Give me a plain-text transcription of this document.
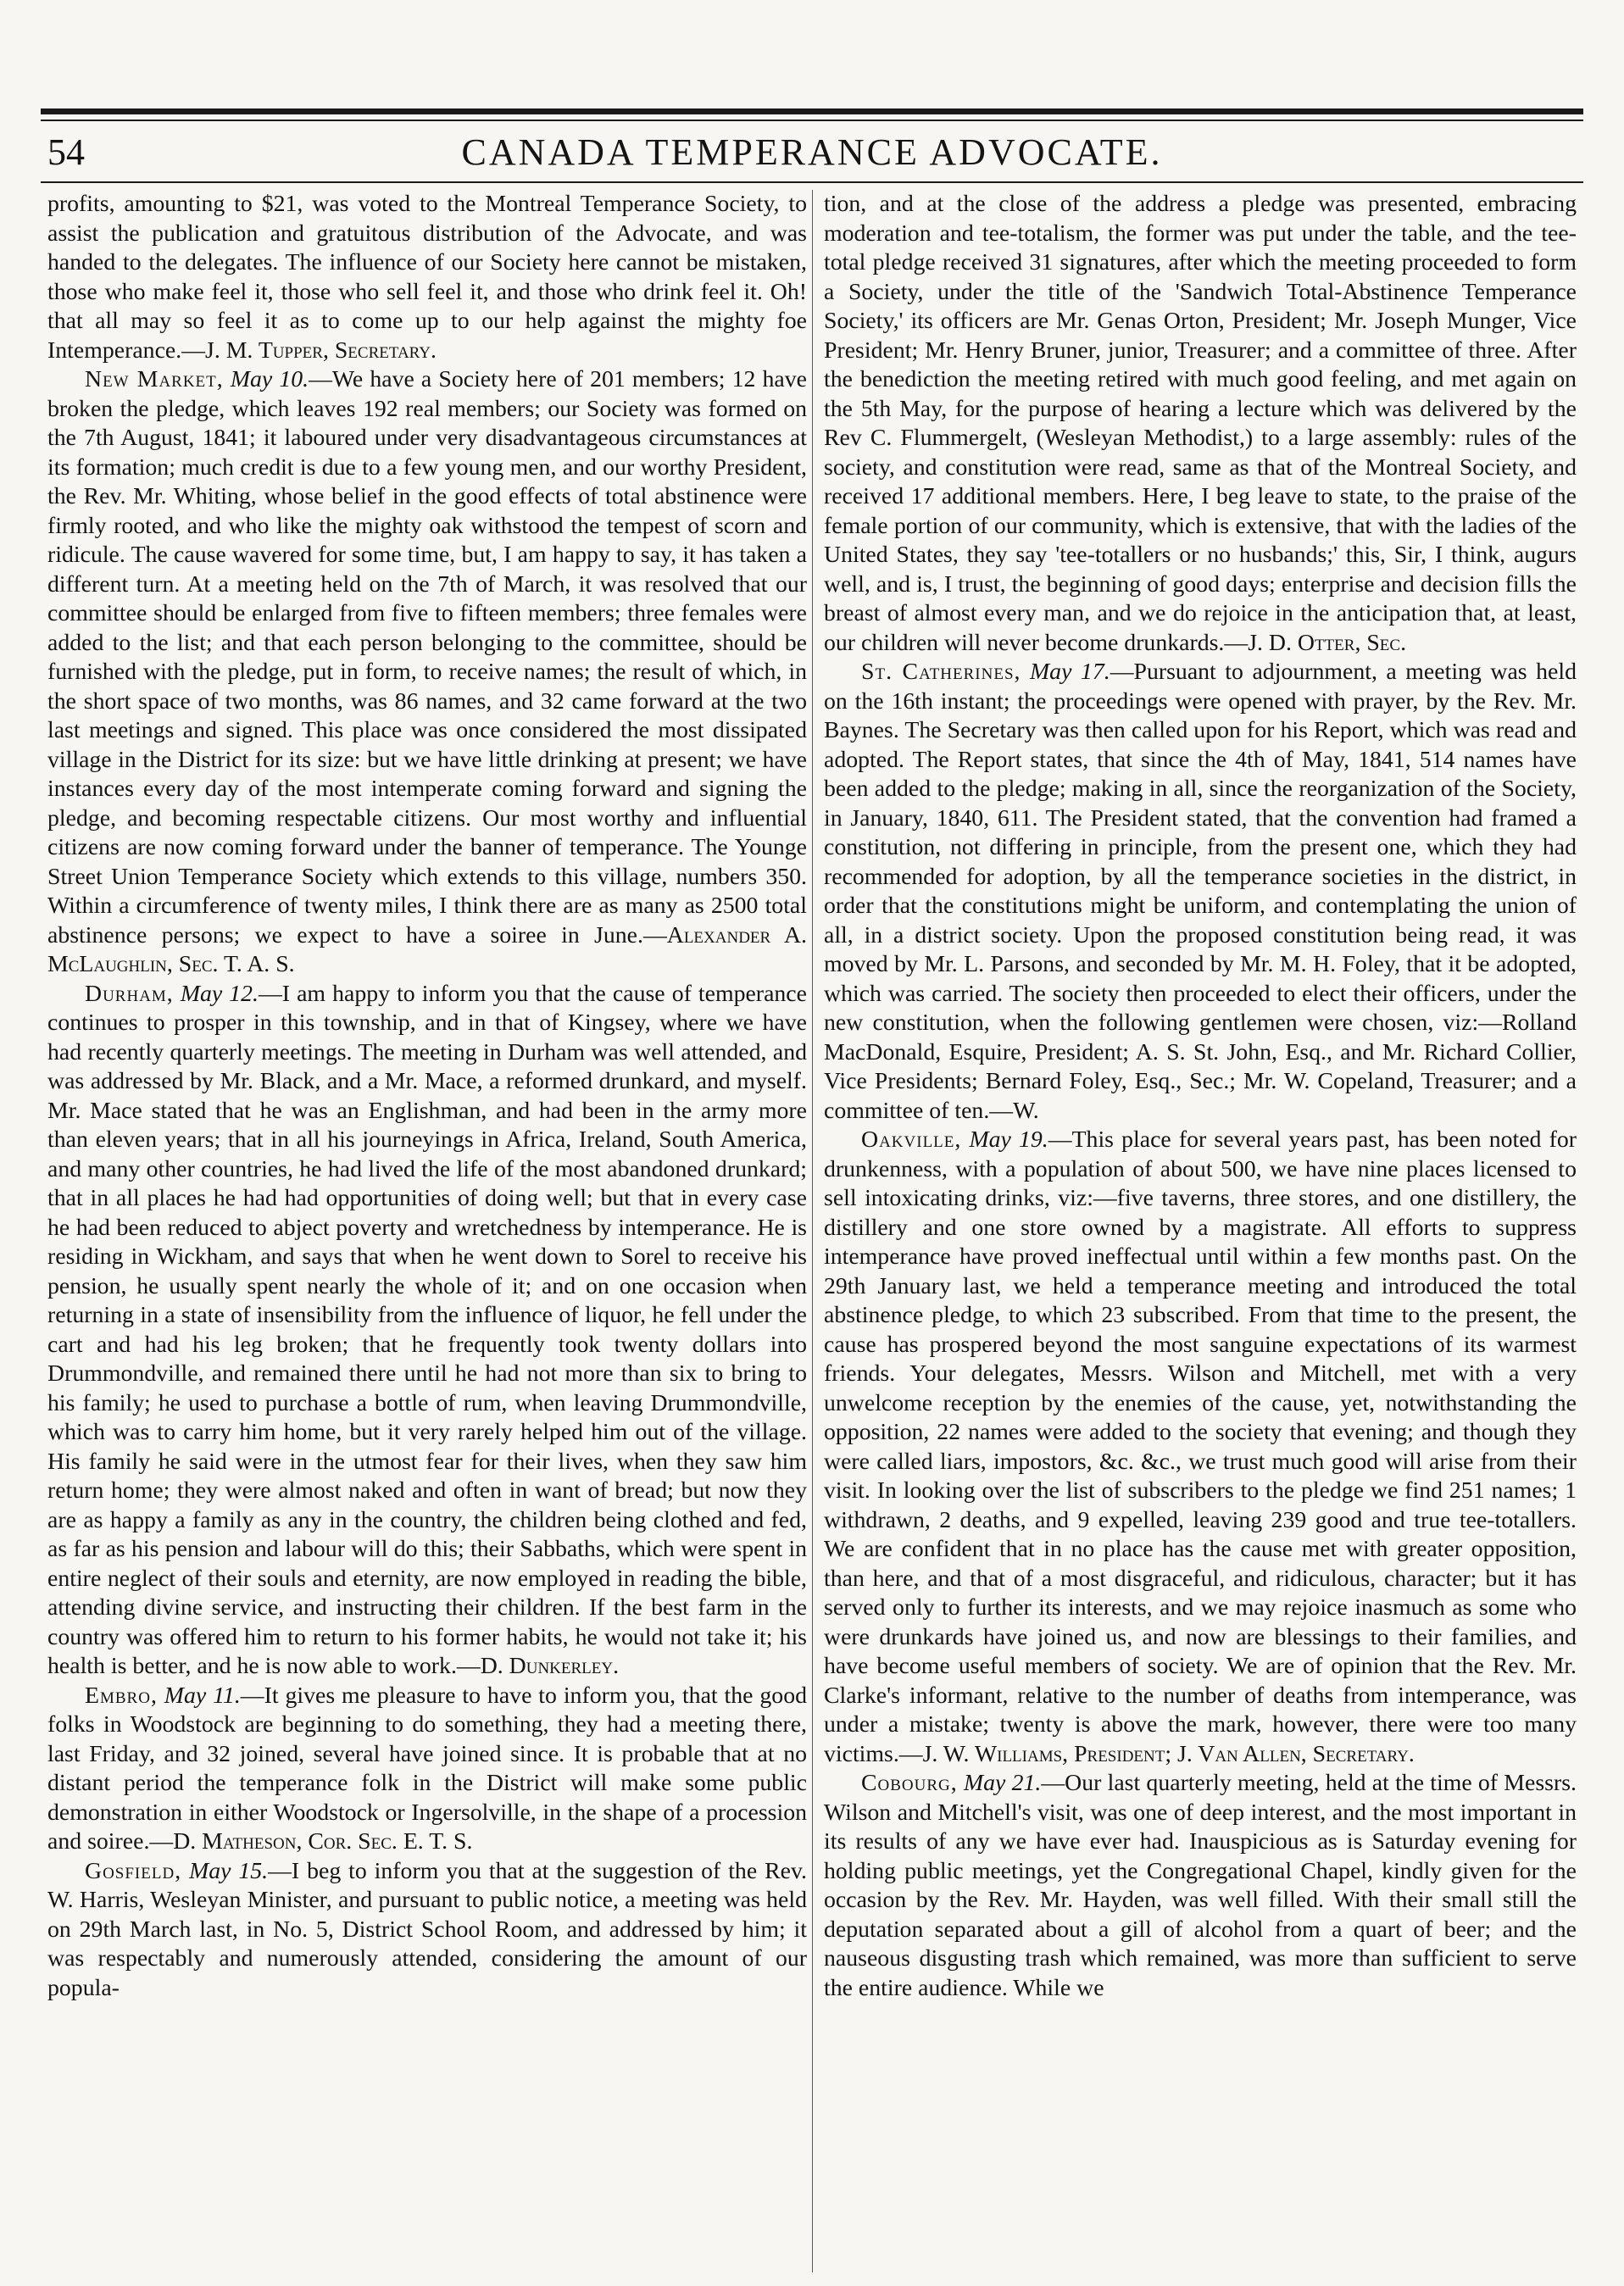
54	CANADA TEMPERANCE ADVOCATE.

profits, amounting to $21, was voted to the Montreal Temperance Society, to assist the publication and gratuitous distribution of the Advocate, and was handed to the delegates. The influence of our Society here cannot be mistaken, those who make feel it, those who sell feel it, and those who drink feel it. Oh! that all may so feel it as to come up to our help against the mighty foe Intemperance.—J. M. Tupper, Secretary.

New Market, May 10.—We have a Society here of 201 members; 12 have broken the pledge, which leaves 192 real members; our Society was formed on the 7th August, 1841; it laboured under very disadvantageous circumstances at its formation; much credit is due to a few young men, and our worthy President, the Rev. Mr. Whiting, whose belief in the good effects of total abstinence were firmly rooted, and who like the mighty oak withstood the tempest of scorn and ridicule. The cause wavered for some time, but, I am happy to say, it has taken a different turn. At a meeting held on the 7th of March, it was resolved that our committee should be enlarged from five to fifteen members; three females were added to the list; and that each person belonging to the committee, should be furnished with the pledge, put in form, to receive names; the result of which, in the short space of two months, was 86 names, and 32 came forward at the two last meetings and signed. This place was once considered the most dissipated village in the District for its size: but we have little drinking at present; we have instances every day of the most intemperate coming forward and signing the pledge, and becoming respectable citizens. Our most worthy and influential citizens are now coming forward under the banner of temperance. The Younge Street Union Temperance Society which extends to this village, numbers 350. Within a circumference of twenty miles, I think there are as many as 2500 total abstinence persons; we expect to have a soiree in June.—Alexander A. McLaughlin, Sec. T. A. S.

Durham, May 12.—I am happy to inform you that the cause of temperance continues to prosper in this township, and in that of Kingsey, where we have had recently quarterly meetings. The meeting in Durham was well attended, and was addressed by Mr. Black, and a Mr. Mace, a reformed drunkard, and myself. Mr. Mace stated that he was an Englishman, and had been in the army more than eleven years; that in all his journeyings in Africa, Ireland, South America, and many other countries, he had lived the life of the most abandoned drunkard; that in all places he had had opportunities of doing well; but that in every case he had been reduced to abject poverty and wretchedness by intemperance. He is residing in Wickham, and says that when he went down to Sorel to receive his pension, he usually spent nearly the whole of it; and on one occasion when returning in a state of insensibility from the influence of liquor, he fell under the cart and had his leg broken; that he frequently took twenty dollars into Drummondville, and remained there until he had not more than six to bring to his family; he used to purchase a bottle of rum, when leaving Drummondville, which was to carry him home, but it very rarely helped him out of the village. His family he said were in the utmost fear for their lives, when they saw him return home; they were almost naked and often in want of bread; but now they are as happy a family as any in the country, the children being clothed and fed, as far as his pension and labour will do this; their Sabbaths, which were spent in entire neglect of their souls and eternity, are now employed in reading the bible, attending divine service, and instructing their children. If the best farm in the country was offered him to return to his former habits, he would not take it; his health is better, and he is now able to work.—D. Dunkerley.

Embro, May 11.—It gives me pleasure to have to inform you, that the good folks in Woodstock are beginning to do something, they had a meeting there, last Friday, and 32 joined, several have joined since. It is probable that at no distant period the temperance folk in the District will make some public demonstration in either Woodstock or Ingersolville, in the shape of a procession and soiree.—D. Matheson, Cor. Sec. E. T. S.

Gosfield, May 15.—I beg to inform you that at the suggestion of the Rev. W. Harris, Wesleyan Minister, and pursuant to public notice, a meeting was held on 29th March last, in No. 5, District School Room, and addressed by him; it was respectably and numerously attended, considering the amount of our popula-

tion, and at the close of the address a pledge was presented, embracing moderation and tee-totalism, the former was put under the table, and the tee-total pledge received 31 signatures, after which the meeting proceeded to form a Society, under the title of the 'Sandwich Total-Abstinence Temperance Society,' its officers are Mr. Genas Orton, President; Mr. Joseph Munger, Vice President; Mr. Henry Bruner, junior, Treasurer; and a committee of three. After the benediction the meeting retired with much good feeling, and met again on the 5th May, for the purpose of hearing a lecture which was delivered by the Rev C. Flummergelt, (Wesleyan Methodist,) to a large assembly: rules of the society, and constitution were read, same as that of the Montreal Society, and received 17 additional members. Here, I beg leave to state, to the praise of the female portion of our community, which is extensive, that with the ladies of the United States, they say 'tee-totallers or no husbands;' this, Sir, I think, augurs well, and is, I trust, the beginning of good days; enterprise and decision fills the breast of almost every man, and we do rejoice in the anticipation that, at least, our children will never become drunkards.—J. D. Otter, Sec.

St. Catherines, May 17.—Pursuant to adjournment, a meeting was held on the 16th instant; the proceedings were opened with prayer, by the Rev. Mr. Baynes. The Secretary was then called upon for his Report, which was read and adopted. The Report states, that since the 4th of May, 1841, 514 names have been added to the pledge; making in all, since the reorganization of the Society, in January, 1840, 611. The President stated, that the convention had framed a constitution, not differing in principle, from the present one, which they had recommended for adoption, by all the temperance societies in the district, in order that the constitutions might be uniform, and contemplating the union of all, in a district society. Upon the proposed constitution being read, it was moved by Mr. L. Parsons, and seconded by Mr. M. H. Foley, that it be adopted, which was carried. The society then proceeded to elect their officers, under the new constitution, when the following gentlemen were chosen, viz:—Rolland MacDonald, Esquire, President; A. S. St. John, Esq., and Mr. Richard Collier, Vice Presidents; Bernard Foley, Esq., Sec.; Mr. W. Copeland, Treasurer; and a committee of ten.—W.

Oakville, May 19.—This place for several years past, has been noted for drunkenness, with a population of about 500, we have nine places licensed to sell intoxicating drinks, viz:—five taverns, three stores, and one distillery, the distillery and one store owned by a magistrate. All efforts to suppress intemperance have proved ineffectual until within a few months past. On the 29th January last, we held a temperance meeting and introduced the total abstinence pledge, to which 23 subscribed. From that time to the present, the cause has prospered beyond the most sanguine expectations of its warmest friends. Your delegates, Messrs. Wilson and Mitchell, met with a very unwelcome reception by the enemies of the cause, yet, notwithstanding the opposition, 22 names were added to the society that evening; and though they were called liars, impostors, &c. &c., we trust much good will arise from their visit. In looking over the list of subscribers to the pledge we find 251 names; 1 withdrawn, 2 deaths, and 9 expelled, leaving 239 good and true tee-totallers. We are confident that in no place has the cause met with greater opposition, than here, and that of a most disgraceful, and ridiculous, character; but it has served only to further its interests, and we may rejoice inasmuch as some who were drunkards have joined us, and now are blessings to their families, and have become useful members of society. We are of opinion that the Rev. Mr. Clarke's informant, relative to the number of deaths from intemperance, was under a mistake; twenty is above the mark, however, there were too many victims.—J. W. Williams, President; J. Van Allen, Secretary.

Cobourg, May 21.—Our last quarterly meeting, held at the time of Messrs. Wilson and Mitchell's visit, was one of deep interest, and the most important in its results of any we have ever had. Inauspicious as is Saturday evening for holding public meetings, yet the Congregational Chapel, kindly given for the occasion by the Rev. Mr. Hayden, was well filled. With their small still the deputation separated about a gill of alcohol from a quart of beer; and the nauseous disgusting trash which remained, was more than sufficient to serve the entire audience. While we
